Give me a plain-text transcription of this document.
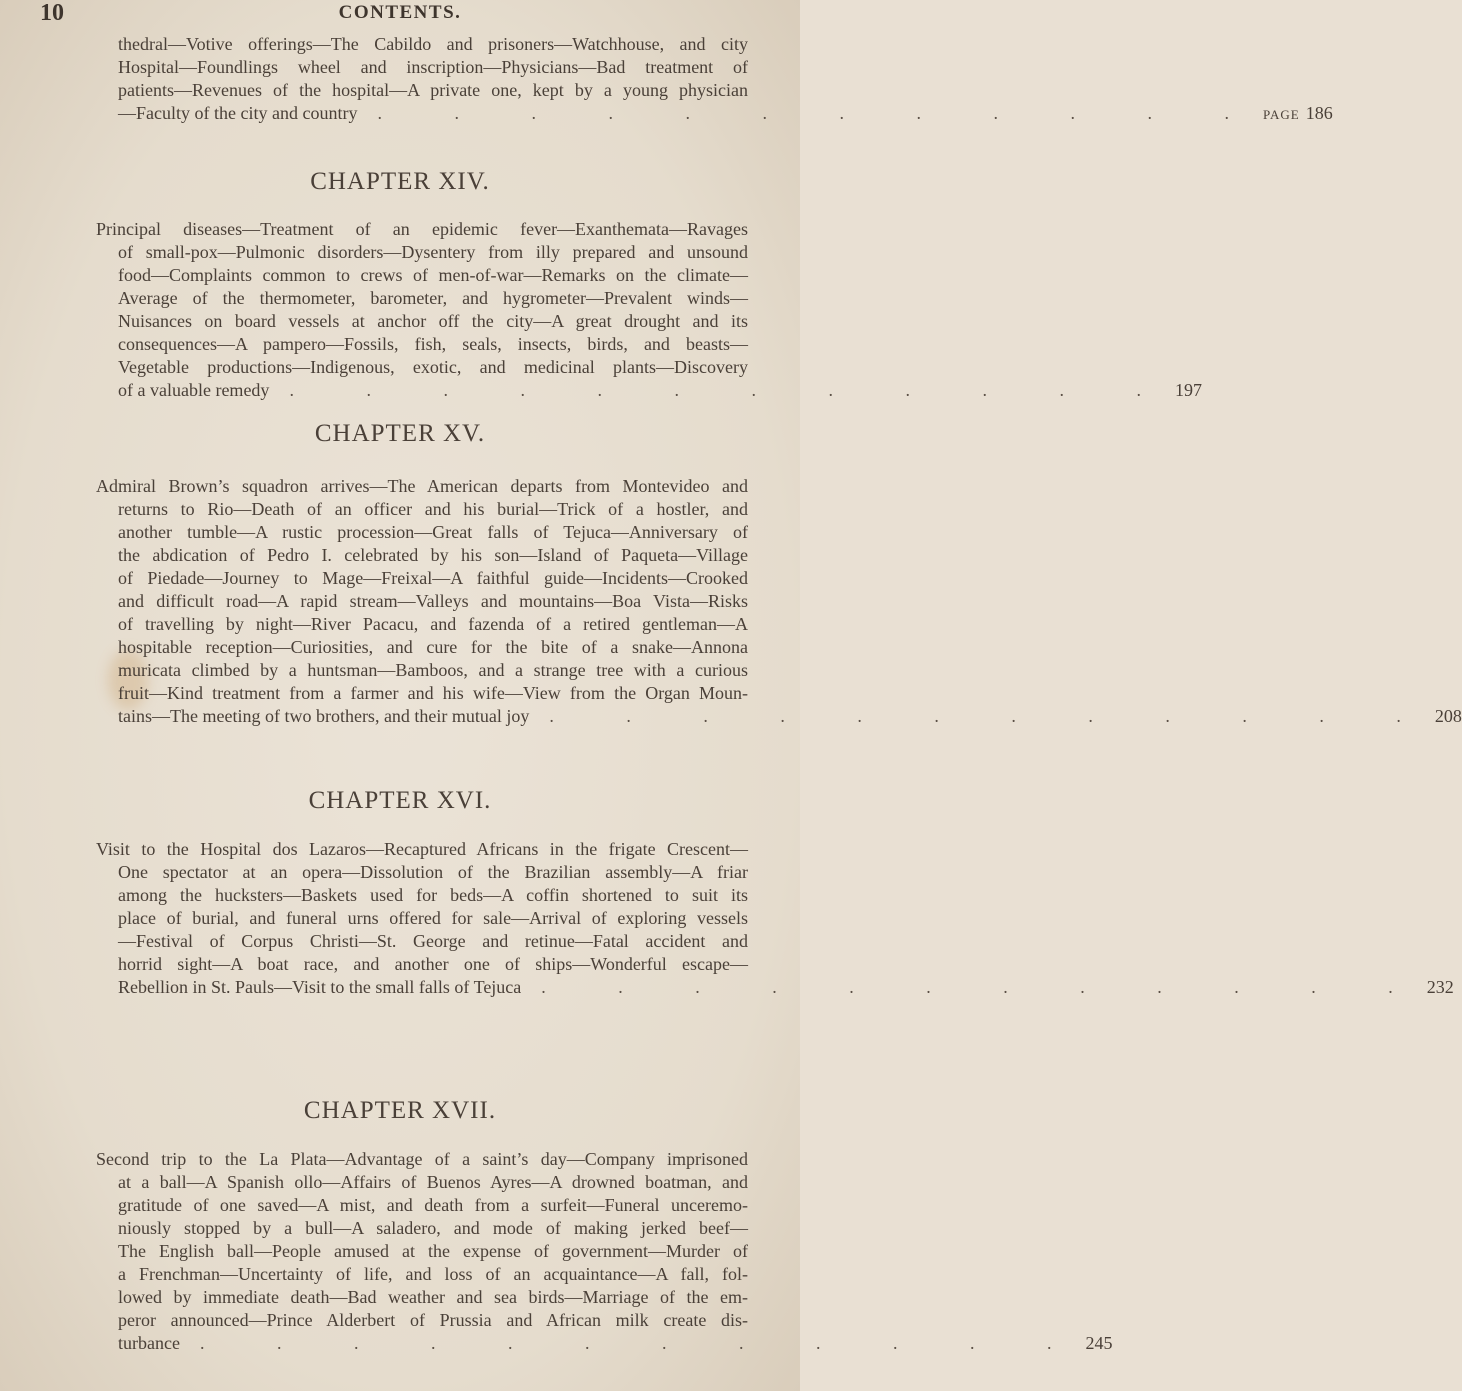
10	CONTENTS.
thedral—Votive offerings—The Cabildo and prisoners—Watchhouse, and city
Hospital—Foundlings wheel and inscription—Physicians—Bad treatment of
patients—Revenues of the hospital—A private one, kept by a young physician
—Faculty of the city and country	. . . . . . . . . . . . PAGE 186
CHAPTER XIV.
Principal diseases—Treatment of an epidemic fever—Exanthemata—Ravages
of small-pox—Pulmonic disorders—Dysentery from illy prepared and unsound
food—Complaints common to crews of men-of-war—Remarks on the climate—
Average of the thermometer, barometer, and hygrometer—Prevalent winds—
Nuisances on board vessels at anchor off the city—A great drought and its
consequences—A pampero—Fossils, fish, seals, insects, birds, and beasts—
Vegetable productions—Indigenous, exotic, and medicinal plants—Discovery
of a valuable remedy	. . . . . . . . . . . . 197
CHAPTER XV.
Admiral Brown’s squadron arrives—The American departs from Montevideo and
returns to Rio—Death of an officer and his burial—Trick of a hostler, and
another tumble—A rustic procession—Great falls of Tejuca—Anniversary of
the abdication of Pedro I. celebrated by his son—Island of Paqueta—Village
of Piedade—Journey to Mage—Freixal—A faithful guide—Incidents—Crooked
and difficult road—A rapid stream—Valleys and mountains—Boa Vista—Risks
of travelling by night—River Pacacu, and fazenda of a retired gentleman—A
hospitable reception—Curiosities, and cure for the bite of a snake—Annona
muricata climbed by a huntsman—Bamboos, and a strange tree with a curious
fruit—Kind treatment from a farmer and his wife—View from the Organ Moun-
tains—The meeting of two brothers, and their mutual joy	. . . . . . . . . . . . 208
CHAPTER XVI.
Visit to the Hospital dos Lazaros—Recaptured Africans in the frigate Crescent—
One spectator at an opera—Dissolution of the Brazilian assembly—A friar
among the hucksters—Baskets used for beds—A coffin shortened to suit its
place of burial, and funeral urns offered for sale—Arrival of exploring vessels
—Festival of Corpus Christi—St. George and retinue—Fatal accident and
horrid sight—A boat race, and another one of ships—Wonderful escape—
Rebellion in St. Pauls—Visit to the small falls of Tejuca	. . . . . . . . . . . . 232
CHAPTER XVII.
Second trip to the La Plata—Advantage of a saint’s day—Company imprisoned
at a ball—A Spanish ollo—Affairs of Buenos Ayres—A drowned boatman, and
gratitude of one saved—A mist, and death from a surfeit—Funeral uncеremo-
niously stopped by a bull—A saladero, and mode of making jerked beef—
The English ball—People amused at the expense of government—Murder of
a Frenchman—Uncertainty of life, and loss of an acquaintance—A fall, fol-
lowed by immediate death—Bad weather and sea birds—Marriage of the em-
peror announced—Prince Alderbert of Prussia and African milk create dis-
turbance	. . . . . . . . . . . . 245
